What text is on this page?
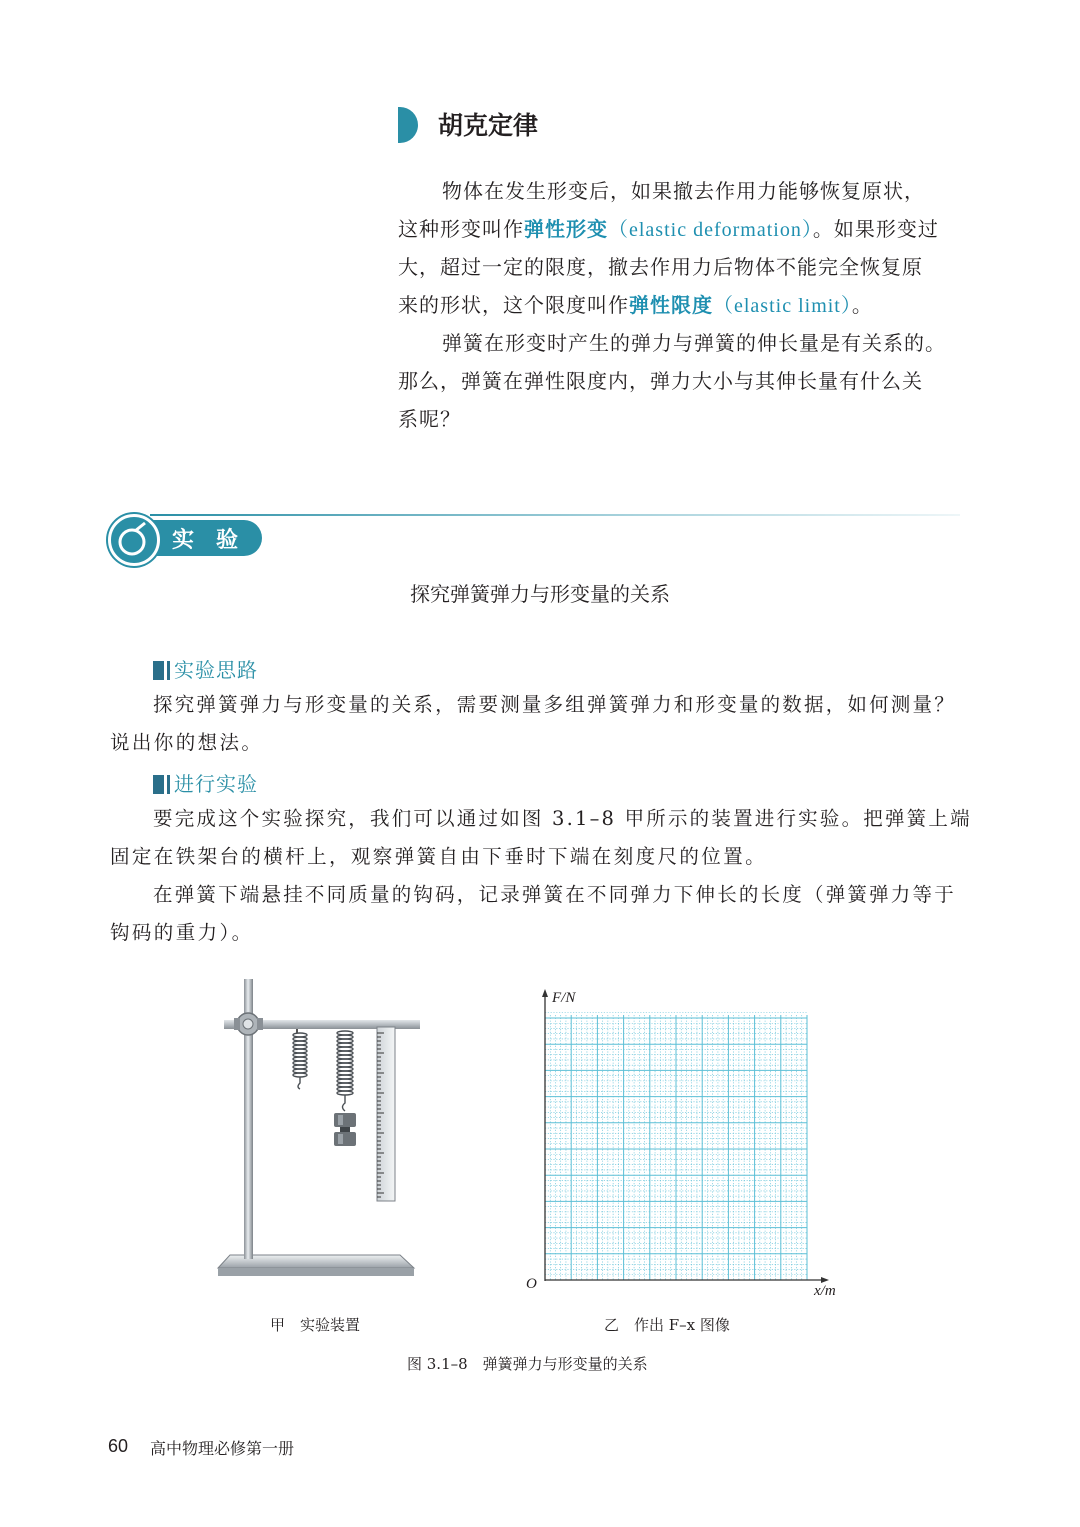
胡克定律

物体在发生形变后，如果撤去作用力能够恢复原状，

这种形变叫作弹性形变（elastic deformation）。如果形变过

大，超过一定的限度，撤去作用力后物体不能完全恢复原

来的形状，这个限度叫作弹性限度（elastic limit）。

弹簧在形变时产生的弹力与弹簧的伸长量是有关系的。

那么，弹簧在弹性限度内，弹力大小与其伸长量有什么关

系呢？

实验
探究弹簧弹力与形变量的关系
实验思路

探究弹簧弹力与形变量的关系，需要测量多组弹簧弹力和形变量的数据，如何测量？

说出你的想法。

进行实验

要完成这个实验探究，我们可以通过如图 3.1–8 甲所示的装置进行实验。把弹簧上端

固定在铁架台的横杆上，观察弹簧自由下垂时下端在刻度尺的位置。

在弹簧下端悬挂不同质量的钩码，记录弹簧在不同弹力下伸长的长度（弹簧弹力等于

钩码的重力）。

F/N
x/m
O
甲　实验装置	乙　作出 F–x 图像
图 3.1–8　弹簧弹力与形变量的关系
60 高中物理必修第一册
